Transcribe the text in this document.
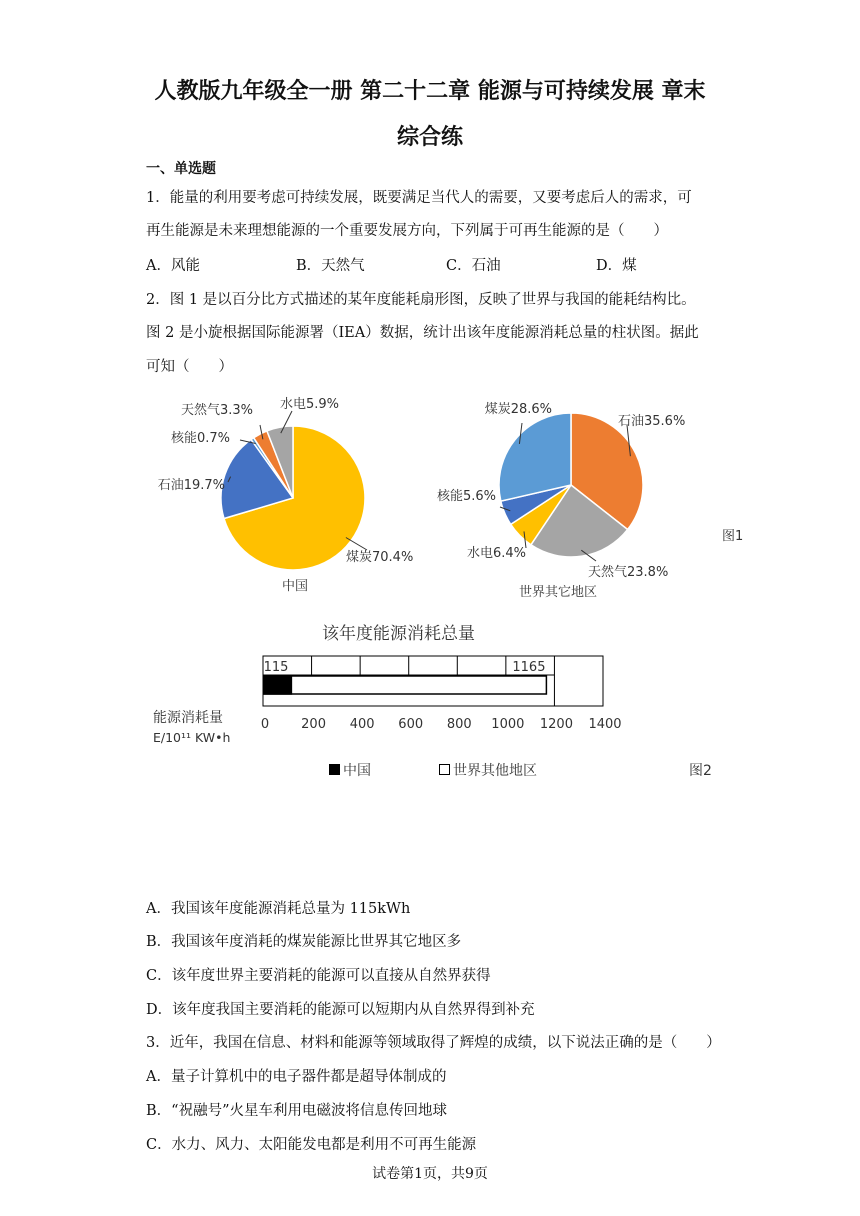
人教版九年级全一册 第二十二章 能源与可持续发展 章末
综合练
一、单选题
1．能量的利用要考虑可持续发展，既要满足当代人的需要，又要考虑后人的需求，可
再生能源是未来理想能源的一个重要发展方向，下列属于可再生能源的是（　　）
A．风能	B．天然气	C．石油	D．煤
2．图 1 是以百分比方式描述的某年度能耗扇形图，反映了世界与我国的能耗结构比。
图 2 是小旋根据国际能源署（IEA）数据，统计出该年度能源消耗总量的柱状图。据此
可知（　　）
煤炭70.4%
石油19.7%
核能0.7%
天然气3.3% 水电5.9%
石油35.6%
天然气23.8%
水电6.4%
核能5.6%
煤炭28.6%
中国	世界其它地区
图1
该年度能源消耗总量
115	1165
0 200 400 600 800 1000 1200 1400
能源消耗量
E/10¹¹ KW•h
中国	世界其他地区	图2
A．我国该年度能源消耗总量为 115kWh
B．我国该年度消耗的煤炭能源比世界其它地区多
C．该年度世界主要消耗的能源可以直接从自然界获得
D．该年度我国主要消耗的能源可以短期内从自然界得到补充
3．近年，我国在信息、材料和能源等领域取得了辉煌的成绩，以下说法正确的是（　　）
A．量子计算机中的电子器件都是超导体制成的
B．“祝融号”火星车利用电磁波将信息传回地球
C．水力、风力、太阳能发电都是利用不可再生能源
试卷第1页，共9页
